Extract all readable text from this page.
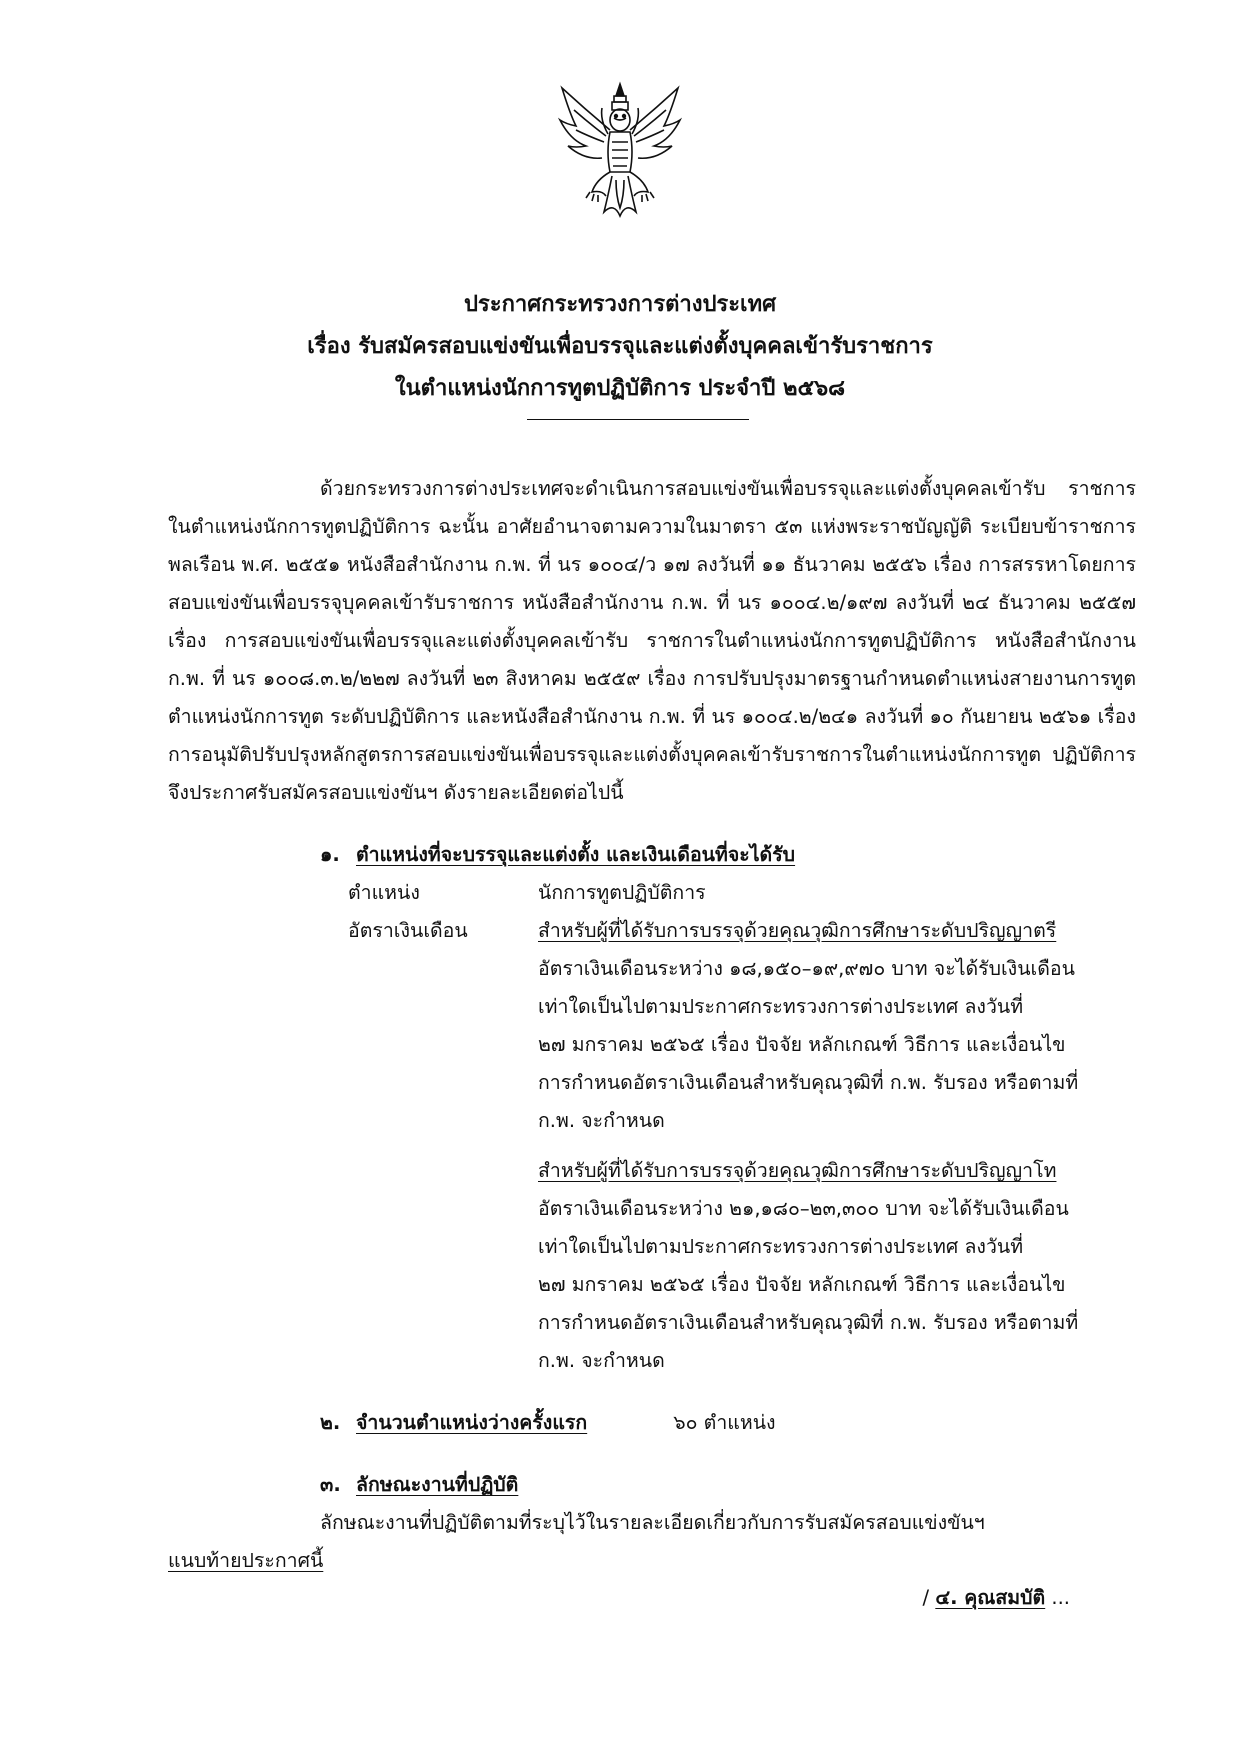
ประกาศกระทรวงการต่างประเทศ
เรื่อง รับสมัครสอบแข่งขันเพื่อบรรจุและแต่งตั้งบุคคลเข้ารับราชการ
ในตำแหน่งนักการทูตปฏิบัติการ ประจำปี ๒๕๖๘

ด้วยกระทรวงการต่างประเทศจะดำเนินการสอบแข่งขันเพื่อบรรจุและแต่งตั้งบุคคลเข้ารับ ราชการ ในตำแหน่งนักการทูตปฏิบัติการ ฉะนั้น อาศัยอำนาจตามความในมาตรา ๕๓ แห่งพระราชบัญญัติ ระเบียบข้าราชการพลเรือน พ.ศ. ๒๕๕๑ หนังสือสำนักงาน ก.พ. ที่ นร ๑๐๐๔/ว ๑๗ ลงวันที่ ๑๑ ธันวาคม ๒๕๕๖ เรื่อง การสรรหาโดยการสอบแข่งขันเพื่อบรรจุบุคคลเข้ารับราชการ หนังสือสำนักงาน ก.พ. ที่ นร ๑๐๐๔.๒/๑๙๗ ลงวันที่ ๒๔ ธันวาคม ๒๕๕๗ เรื่อง การสอบแข่งขันเพื่อบรรจุและแต่งตั้งบุคคลเข้ารับ ราชการในตำแหน่งนักการทูตปฏิบัติการ หนังสือสำนักงาน ก.พ. ที่ นร ๑๐๐๘.๓.๒/๒๒๗ ลงวันที่ ๒๓ สิงหาคม ๒๕๕๙ เรื่อง การปรับปรุงมาตรฐานกำหนดตำแหน่งสายงานการทูต ตำแหน่งนักการทูต ระดับปฏิบัติการ และหนังสือสำนักงาน ก.พ. ที่ นร ๑๐๐๔.๒/๒๔๑ ลงวันที่ ๑๐ กันยายน ๒๕๖๑ เรื่อง การอนุมัติปรับปรุงหลักสูตรการสอบแข่งขันเพื่อบรรจุและแต่งตั้งบุคคลเข้ารับราชการในตำแหน่งนักการทูต ปฏิบัติการ จึงประกาศรับสมัครสอบแข่งขันฯ ดังรายละเอียดต่อไปนี้

๑. ตำแหน่งที่จะบรรจุและแต่งตั้ง และเงินเดือนที่จะได้รับ
ตำแหน่ง	นักการทูตปฏิบัติการ
อัตราเงินเดือน	สำหรับผู้ที่ได้รับการบรรจุด้วยคุณวุฒิการศึกษาระดับปริญญาตรี
อัตราเงินเดือนระหว่าง ๑๘,๑๕๐–๑๙,๙๗๐ บาท จะได้รับเงินเดือน
เท่าใดเป็นไปตามประกาศกระทรวงการต่างประเทศ ลงวันที่
๒๗ มกราคม ๒๕๖๕ เรื่อง ปัจจัย หลักเกณฑ์ วิธีการ และเงื่อนไข
การกำหนดอัตราเงินเดือนสำหรับคุณวุฒิที่ ก.พ. รับรอง หรือตามที่
ก.พ. จะกำหนด
สำหรับผู้ที่ได้รับการบรรจุด้วยคุณวุฒิการศึกษาระดับปริญญาโท
อัตราเงินเดือนระหว่าง ๒๑,๑๘๐–๒๓,๓๐๐ บาท จะได้รับเงินเดือน
เท่าใดเป็นไปตามประกาศกระทรวงการต่างประเทศ ลงวันที่
๒๗ มกราคม ๒๕๖๕ เรื่อง ปัจจัย หลักเกณฑ์ วิธีการ และเงื่อนไข
การกำหนดอัตราเงินเดือนสำหรับคุณวุฒิที่ ก.พ. รับรอง หรือตามที่
ก.พ. จะกำหนด
๒. จำนวนตำแหน่งว่างครั้งแรก	๖๐ ตำแหน่ง
๓. ลักษณะงานที่ปฏิบัติ

ลักษณะงานที่ปฏิบัติตามที่ระบุไว้ในรายละเอียดเกี่ยวกับการรับสมัครสอบแข่งขันฯ

แนบท้ายประกาศนี้
/ ๔. คุณสมบัติ ...
